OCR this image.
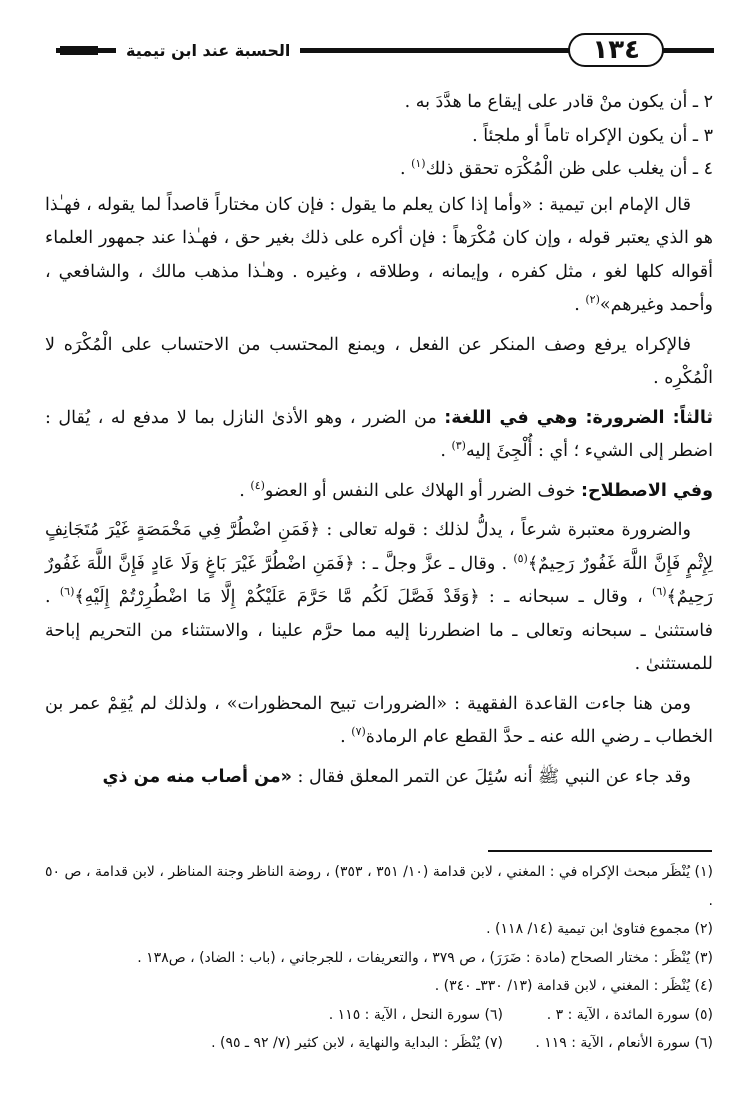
الحسبة عند ابن تيمية	١٣٤

٢ ـ أن يكون منْ قادر على إيقاع ما هدَّدَ به .

٣ ـ أن يكون الإكراه تاماً أو ملجئاً .

٤ ـ أن يغلب على ظن الْمُكْرَه تحقق ذلك$^{(١)}$ .

قال الإمام ابن تيمية : «وأما إذا كان يعلم ما يقول : فإن كان مختاراً قاصداً لما يقوله ، فهـٰذا هو الذي يعتبر قوله ، وإن كان مُكْرَهاً : فإن أكره على ذلك بغير حق ، فهـٰذا عند جمهور العلماء أقواله كلها لغو ، مثل كفره ، وإيمانه ، وطلاقه ، وغيره . وهـٰذا مذهب مالك ، والشافعي ، وأحمد وغيرهم»$^{(٢)}$ .

فالإكراه يرفع وصف المنكر عن الفعل ، ويمنع المحتسب من الاحتساب على الْمُكْرَه لا الْمُكْرِه .

ثالثاً: الضرورة: وهي في اللغة: من الضرر ، وهو الأذىٰ النازل بما لا مدفع له ، يُقال : اضطر إلى الشيء ؛ أي : أُلْجِئَ إليه$^{(٣)}$ .

وفي الاصطلاح: خوف الضرر أو الهلاك على النفس أو العضو$^{(٤)}$ .

والضرورة معتبرة شرعاً ، يدلُّ لذلك : قوله تعالى : ﴿فَمَنِ اضْطُرَّ فِي مَخْمَصَةٍ غَيْرَ مُتَجَانِفٍ لِإِثْمٍ فَإِنَّ اللَّهَ غَفُورٌ رَحِيمٌ﴾$^{(٥)}$ . وقال ـ عزَّ وجلَّ ـ : ﴿فَمَنِ اضْطُرَّ غَيْرَ بَاغٍ وَلَا عَادٍ فَإِنَّ اللَّهَ غَفُورٌ رَحِيمٌ﴾$^{(٦)}$ ، وقال ـ سبحانه ـ : ﴿وَقَدْ فَصَّلَ لَكُم مَّا حَرَّمَ عَلَيْكُمْ إِلَّا مَا اضْطُرِرْتُمْ إِلَيْهِ﴾$^{(٦)}$ . فاستثنىٰ ـ سبحانه وتعالى ـ ما اضطررنا إليه مما حرَّم علينا ، والاستثناء من التحريم إباحة للمستثنىٰ .

ومن هنا جاءت القاعدة الفقهية : «الضرورات تبيح المحظورات» ، ولذلك لم يُقِمْ عمر بن الخطاب ـ رضي الله عنه ـ حدَّ القطع عام الرمادة$^{(٧)}$ .

وقد جاء عن النبي ﷺ أنه سُئِلَ عن التمر المعلق فقال : «من أصاب منه من ذي

(١) يُنْظَر مبحث الإكراه في : المغني ، لابن قدامة (١٠/ ٣٥١ ، ٣٥٣) ، روضة الناظر وجنة المناظر ، لابن قدامة ، ص ٥٠ .
(٢) مجموع فتاوىٰ ابن تيمية (١٤/ ١١٨) .
(٣) يُنْظَر : مختار الصحاح (مادة : ضَرَرَ) ، ص ٣٧٩ ، والتعريفات ، للجرجاني ، (باب : الضاد) ، ص١٣٨ .
(٤) يُنْظَر : المغني ، لابن قدامة (١٣/ ٣٣٠ـ ٣٤٠) .
(٥) سورة المائدة ، الآية : ٣ .
(٦) سورة النحل ، الآية : ١١٥ .
(٦) سورة الأنعام ، الآية : ١١٩ .
(٧) يُنْظَر : البداية والنهاية ، لابن كثير (٧/ ٩٢ ـ ٩٥) .
